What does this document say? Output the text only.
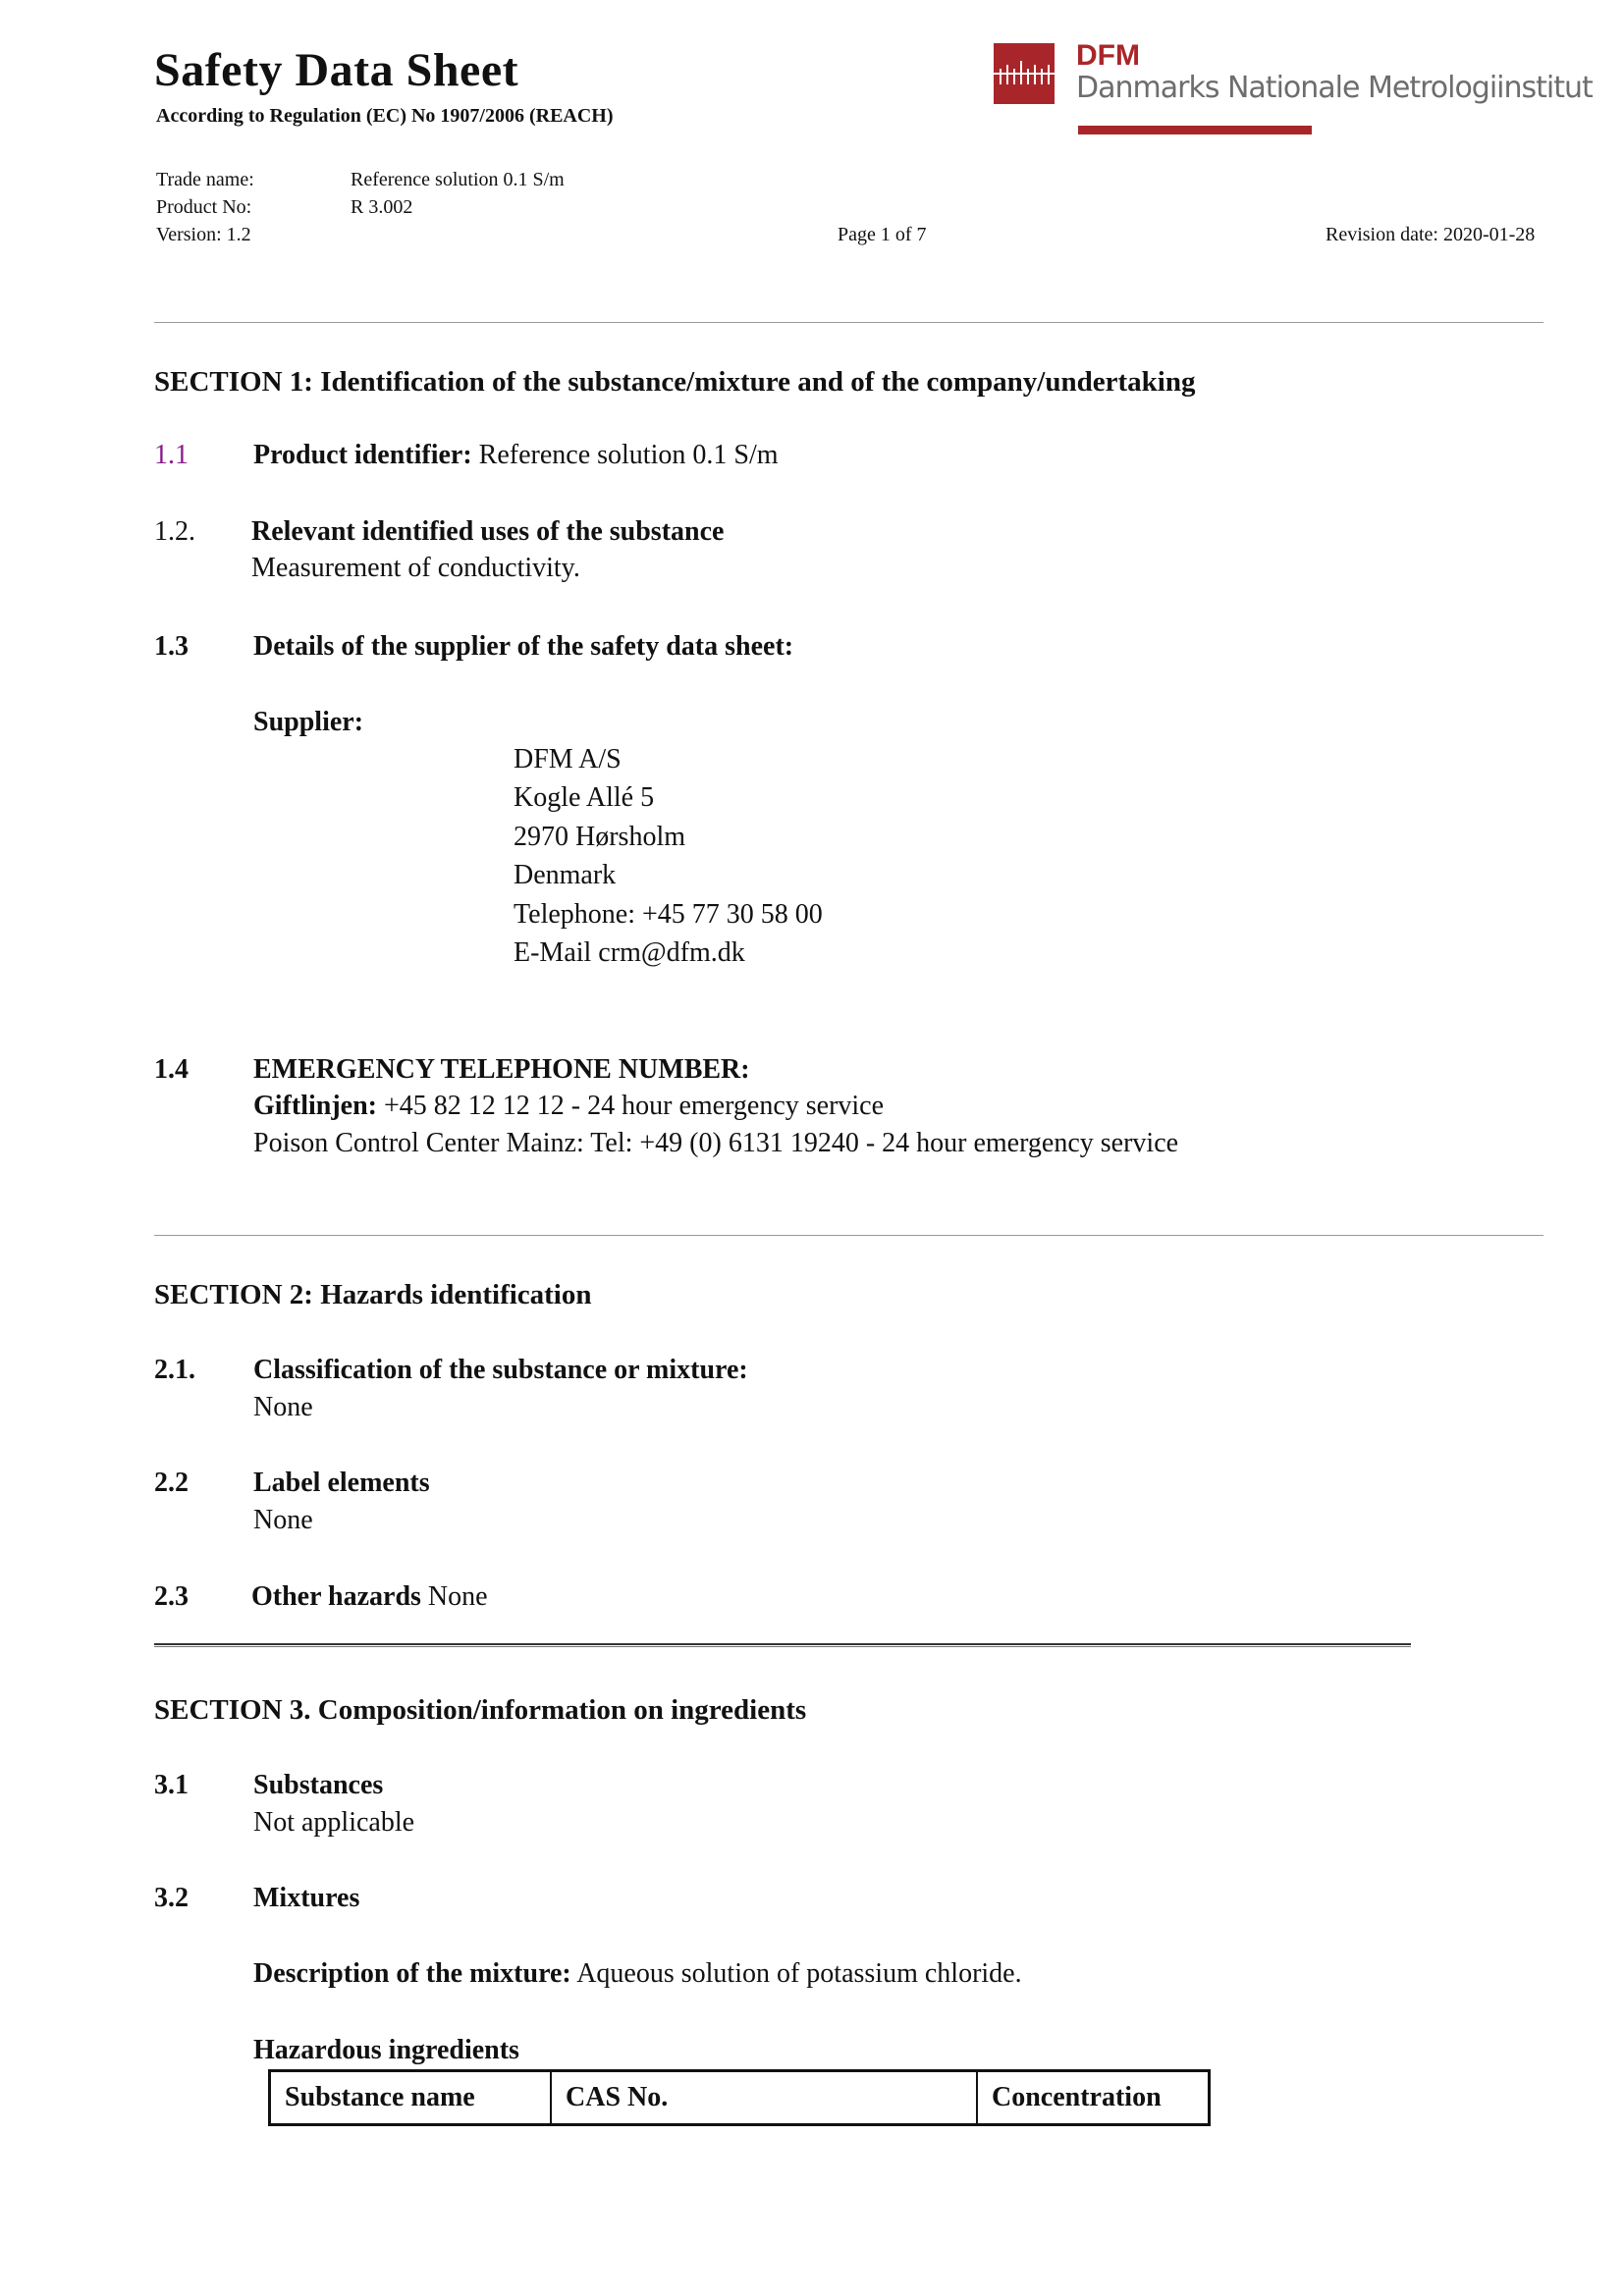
Safety Data Sheet
According to Regulation (EC) No 1907/2006 (REACH)
Trade name:	Reference solution 0.1 S/m
Product No:	R 3.002
Version: 1.2	Page 1 of 7	Revision date: 2020-01-28
DFM
Danmarks Nationale Metrologiinstitut
SECTION 1: Identification of the substance/mixture and of the company/undertaking
1.1 Product identifier: Reference solution 0.1 S/m
1.2. Relevant identified uses of the substance
Measurement of conductivity.
1.3 Details of the supplier of the safety data sheet:
Supplier:
DFM A/S
Kogle Allé 5
2970 Hørsholm
Denmark
Telephone: +45 77 30 58 00
E-Mail crm@dfm.dk
1.4 EMERGENCY TELEPHONE NUMBER:
Giftlinjen: +45 82 12 12 12 - 24 hour emergency service
Poison Control Center Mainz: Tel: +49 (0) 6131 19240 - 24 hour emergency service
SECTION 2: Hazards identification
2.1. Classification of the substance or mixture:
None
2.2 Label elements
None
2.3 Other hazards None
SECTION 3. Composition/information on ingredients
3.1 Substances
Not applicable
3.2 Mixtures
Description of the mixture: Aqueous solution of potassium chloride.
Hazardous ingredients
Substance name	CAS No.	Concentration
